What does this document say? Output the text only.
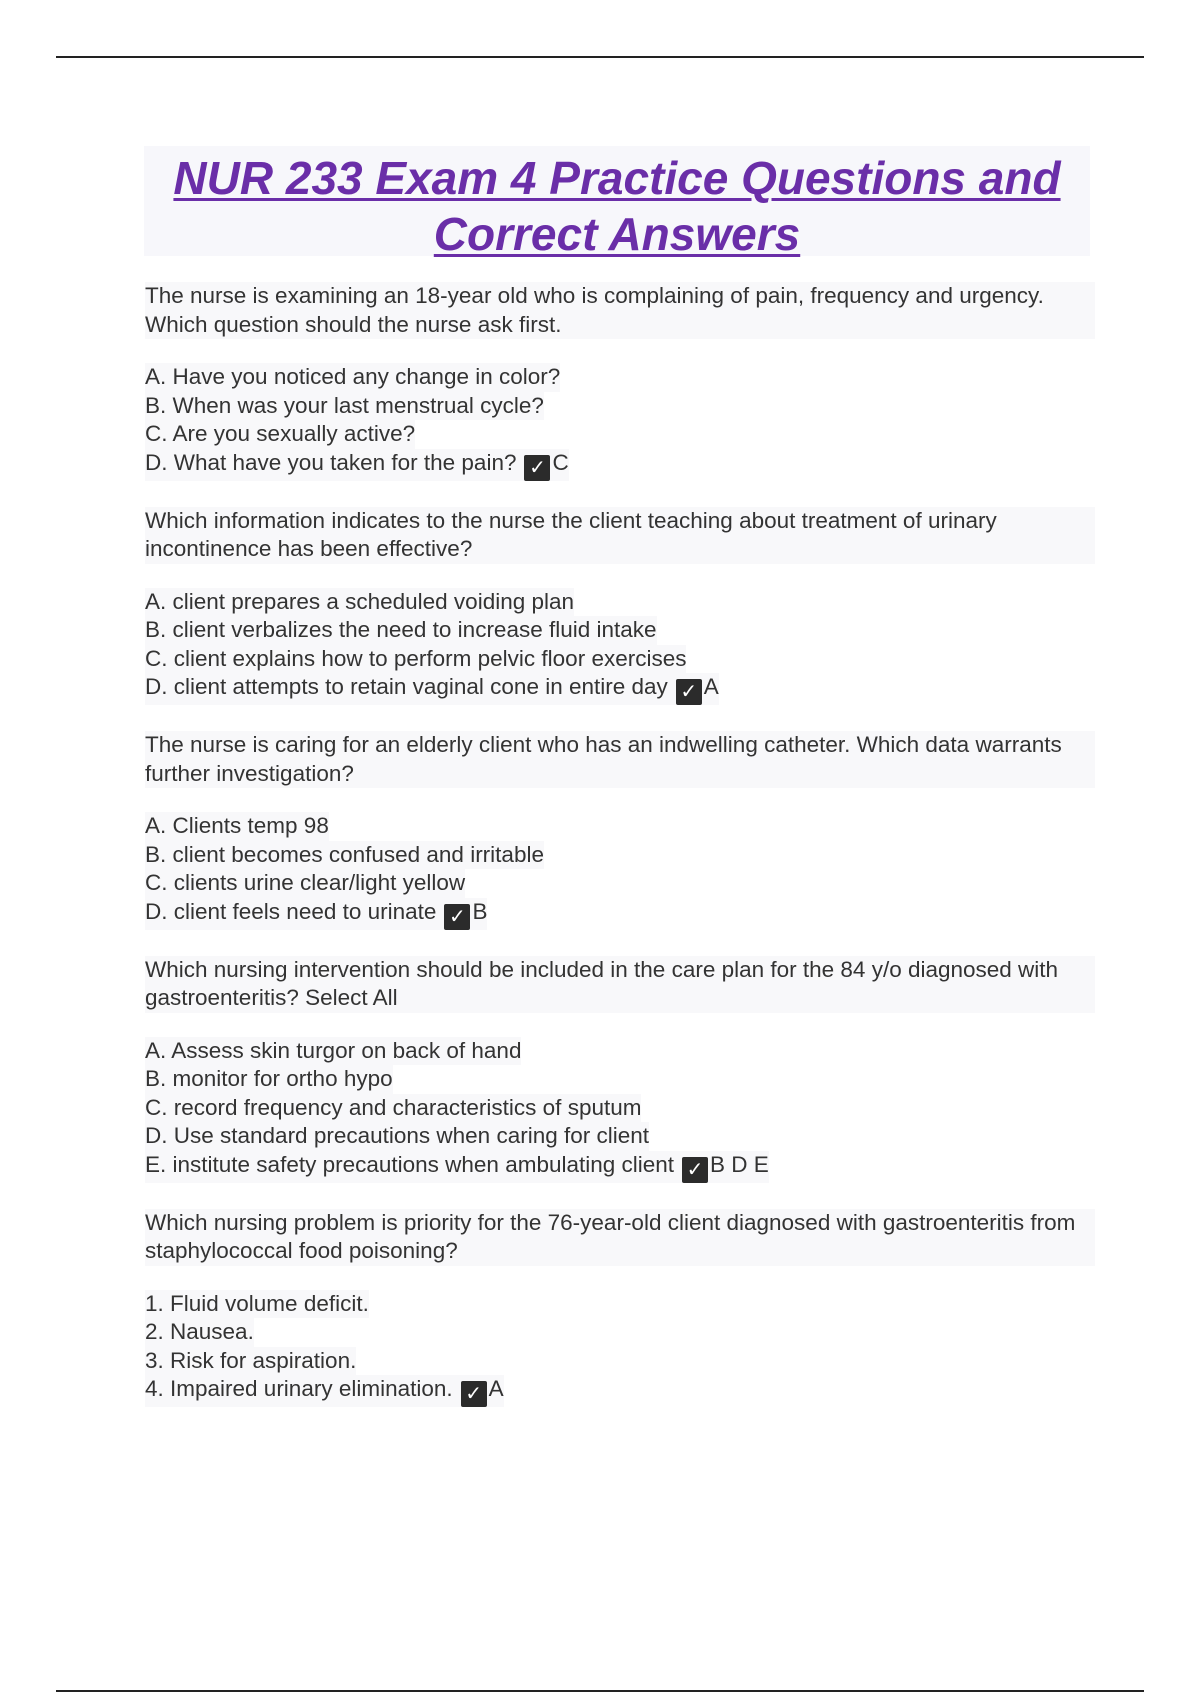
NUR 233 Exam 4 Practice Questions and Correct Answers

The nurse is examining an 18-year old who is complaining of pain, frequency and urgency. Which question should the nurse ask first.

A. Have you noticed any change in color?
B. When was your last menstrual cycle?
C. Are you sexually active?
D. What have you taken for the pain? ✓ C

Which information indicates to the nurse the client teaching about treatment of urinary incontinence has been effective?

A. client prepares a scheduled voiding plan
B. client verbalizes the need to increase fluid intake
C. client explains how to perform pelvic floor exercises
D. client attempts to retain vaginal cone in entire day ✓ A

The nurse is caring for an elderly client who has an indwelling catheter. Which data warrants further investigation?

A. Clients temp 98
B. client becomes confused and irritable
C. clients urine clear/light yellow
D. client feels need to urinate ✓ B

Which nursing intervention should be included in the care plan for the 84 y/o diagnosed with gastroenteritis? Select All

A. Assess skin turgor on back of hand
B. monitor for ortho hypo
C. record frequency and characteristics of sputum
D. Use standard precautions when caring for client
E. institute safety precautions when ambulating client ✓ B D E

Which nursing problem is priority for the 76-year-old client diagnosed with gastroenteritis from staphylococcal food poisoning?

1. Fluid volume deficit.
2. Nausea.
3. Risk for aspiration.
4. Impaired urinary elimination. ✓ A
